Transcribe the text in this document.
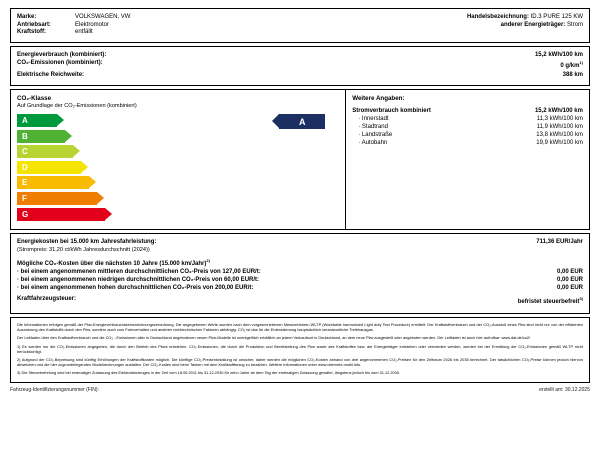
Marke:	VOLKSWAGEN, VW
Antriebsart:	Elektromotor
Kraftstoff:	entfällt
Handelsbezeichnung: ID.3 PURE 125 KW
anderer Energieträger: Strom
Energieverbrauch (kombiniert):	15,2 kWh/100 km
CO₂-Emissionen (kombiniert):	0 $g/km^{1)}$
Elektrische Reichweite:	388 km
CO₂-Klasse
Auf Grundlage der CO₂-Emissionen (kombiniert)
A
B
C
D
E
F
G
A
Weitere Angaben:
Stromverbrauch kombiniert	15,2 kWh/100 km
· Innerstadt	11,3 kWh/100 km
· Stadtrand	11,9 kWh/100 km
· Landstraße	13,8 kWh/100 km
· Autobahn	19,9 kWh/100 km
Energiekosten bei 15.000 km Jahresfahrleistung:	711,36 EUR/Jahr
(Strompreis: 31,20 ct/kWh Jahresdurchschnitt (2024))
Mögliche CO₂-Kosten über die nächsten 10 Jahre (15.000 km/Jahr)$^{2)}$
· bei einem angenommenen mittleren durchschnittlichen CO₂-Preis von 127,00 EUR/t:	0,00 EUR
· bei einem angenommenen niedrigen durchschnittlichen CO₂-Preis von 60,00 EUR/t:	0,00 EUR
· bei einem angenommenen hohen durchschnittlichen CO₂-Preis von 200,00 EUR/t:	0,00 EUR
Kraftfahrzeugsteuer:	befristet steuerbefreit$^{3)}$

Die Informationen erfolgen gemäß der Pkw-Energieverbrauchskennzeichnungsverordnung. Die angegebenen Werte wurden nach dem vorgeschriebenen Messverfahren WLTP (Worldwide harmonized Light duty Test Procedure) ermittelt. Der Kraftstoffverbrauch und der CO₂-Ausstoß eines Pkw sind nicht nur von der effizienten Ausnutzung des Kraftstoffs durch den Pkw, sondern auch vom Fahrverhalten und anderen nichttechnischen Faktoren abhängig. CO₂ ist das für die Erderwärmung hauptsächlich verantwortliche Treibhausgas.

Der Leitfaden über den Kraftstoffverbrauch und die CO₂ - Emissionen aller in Deutschland angebotenen neuen Pkw-Modelle ist unentgeltlich erhältlich an jedem Verkaufsort in Deutschland, an dem neue Pkw ausgestellt oder angeboten werden. Der Leitfaden ist auch hier aufrufbar: www.dat.de/co2/

1) Es werden nur die CO₂-Emissionen angegeben, die durch den Betrieb des Pkws entstehen. CO₂-Emissionen, die durch die Produktion und Bereitstellung des Pkw sowie des Kraftstoffes bzw. der Energieträger entstehen oder vermieden werden, werden bei der Ermittlung der CO₂-Emissionen gemäß WLTP nicht berücksichtigt.

2) Aufgrund der CO₂-Bepreisung sind künftig Erhöhungen der Kraftstoffkosten möglich. Die künftige CO₂-Preisentwicklung ist unsicher, daher werden die möglichen CO₂-Kosten anhand von drei angenommenen CO₂-Preisen für den Zeitraum 2026 bis 2035 berechnet. Der tatsächlichen CO₂-Preise können jedoch hiervon abweichen und die hier zugrundeliegenden Modellrechnungen ausfallen. Der CO₂-Kosten sind beim Tanken mit dem Kraftstoffbezug zu bezahlen. Weitere Informationen unter www.otiernetz-mobil.info.

3) Die Steuerbefreiung wird bei erstmaliger Zulassung des Elektrofahrzeuges in der Zeit vom 18.05.2011 bis 31.12.2030 für zehn Jahre ab dem Tag der erstmaligen Zulassung gewährt, längstens jedoch bis zum 31.12.2030.

Fahrzeug-Identifizierungsnummer (FIN):	erstellt am: 30.12.2025
